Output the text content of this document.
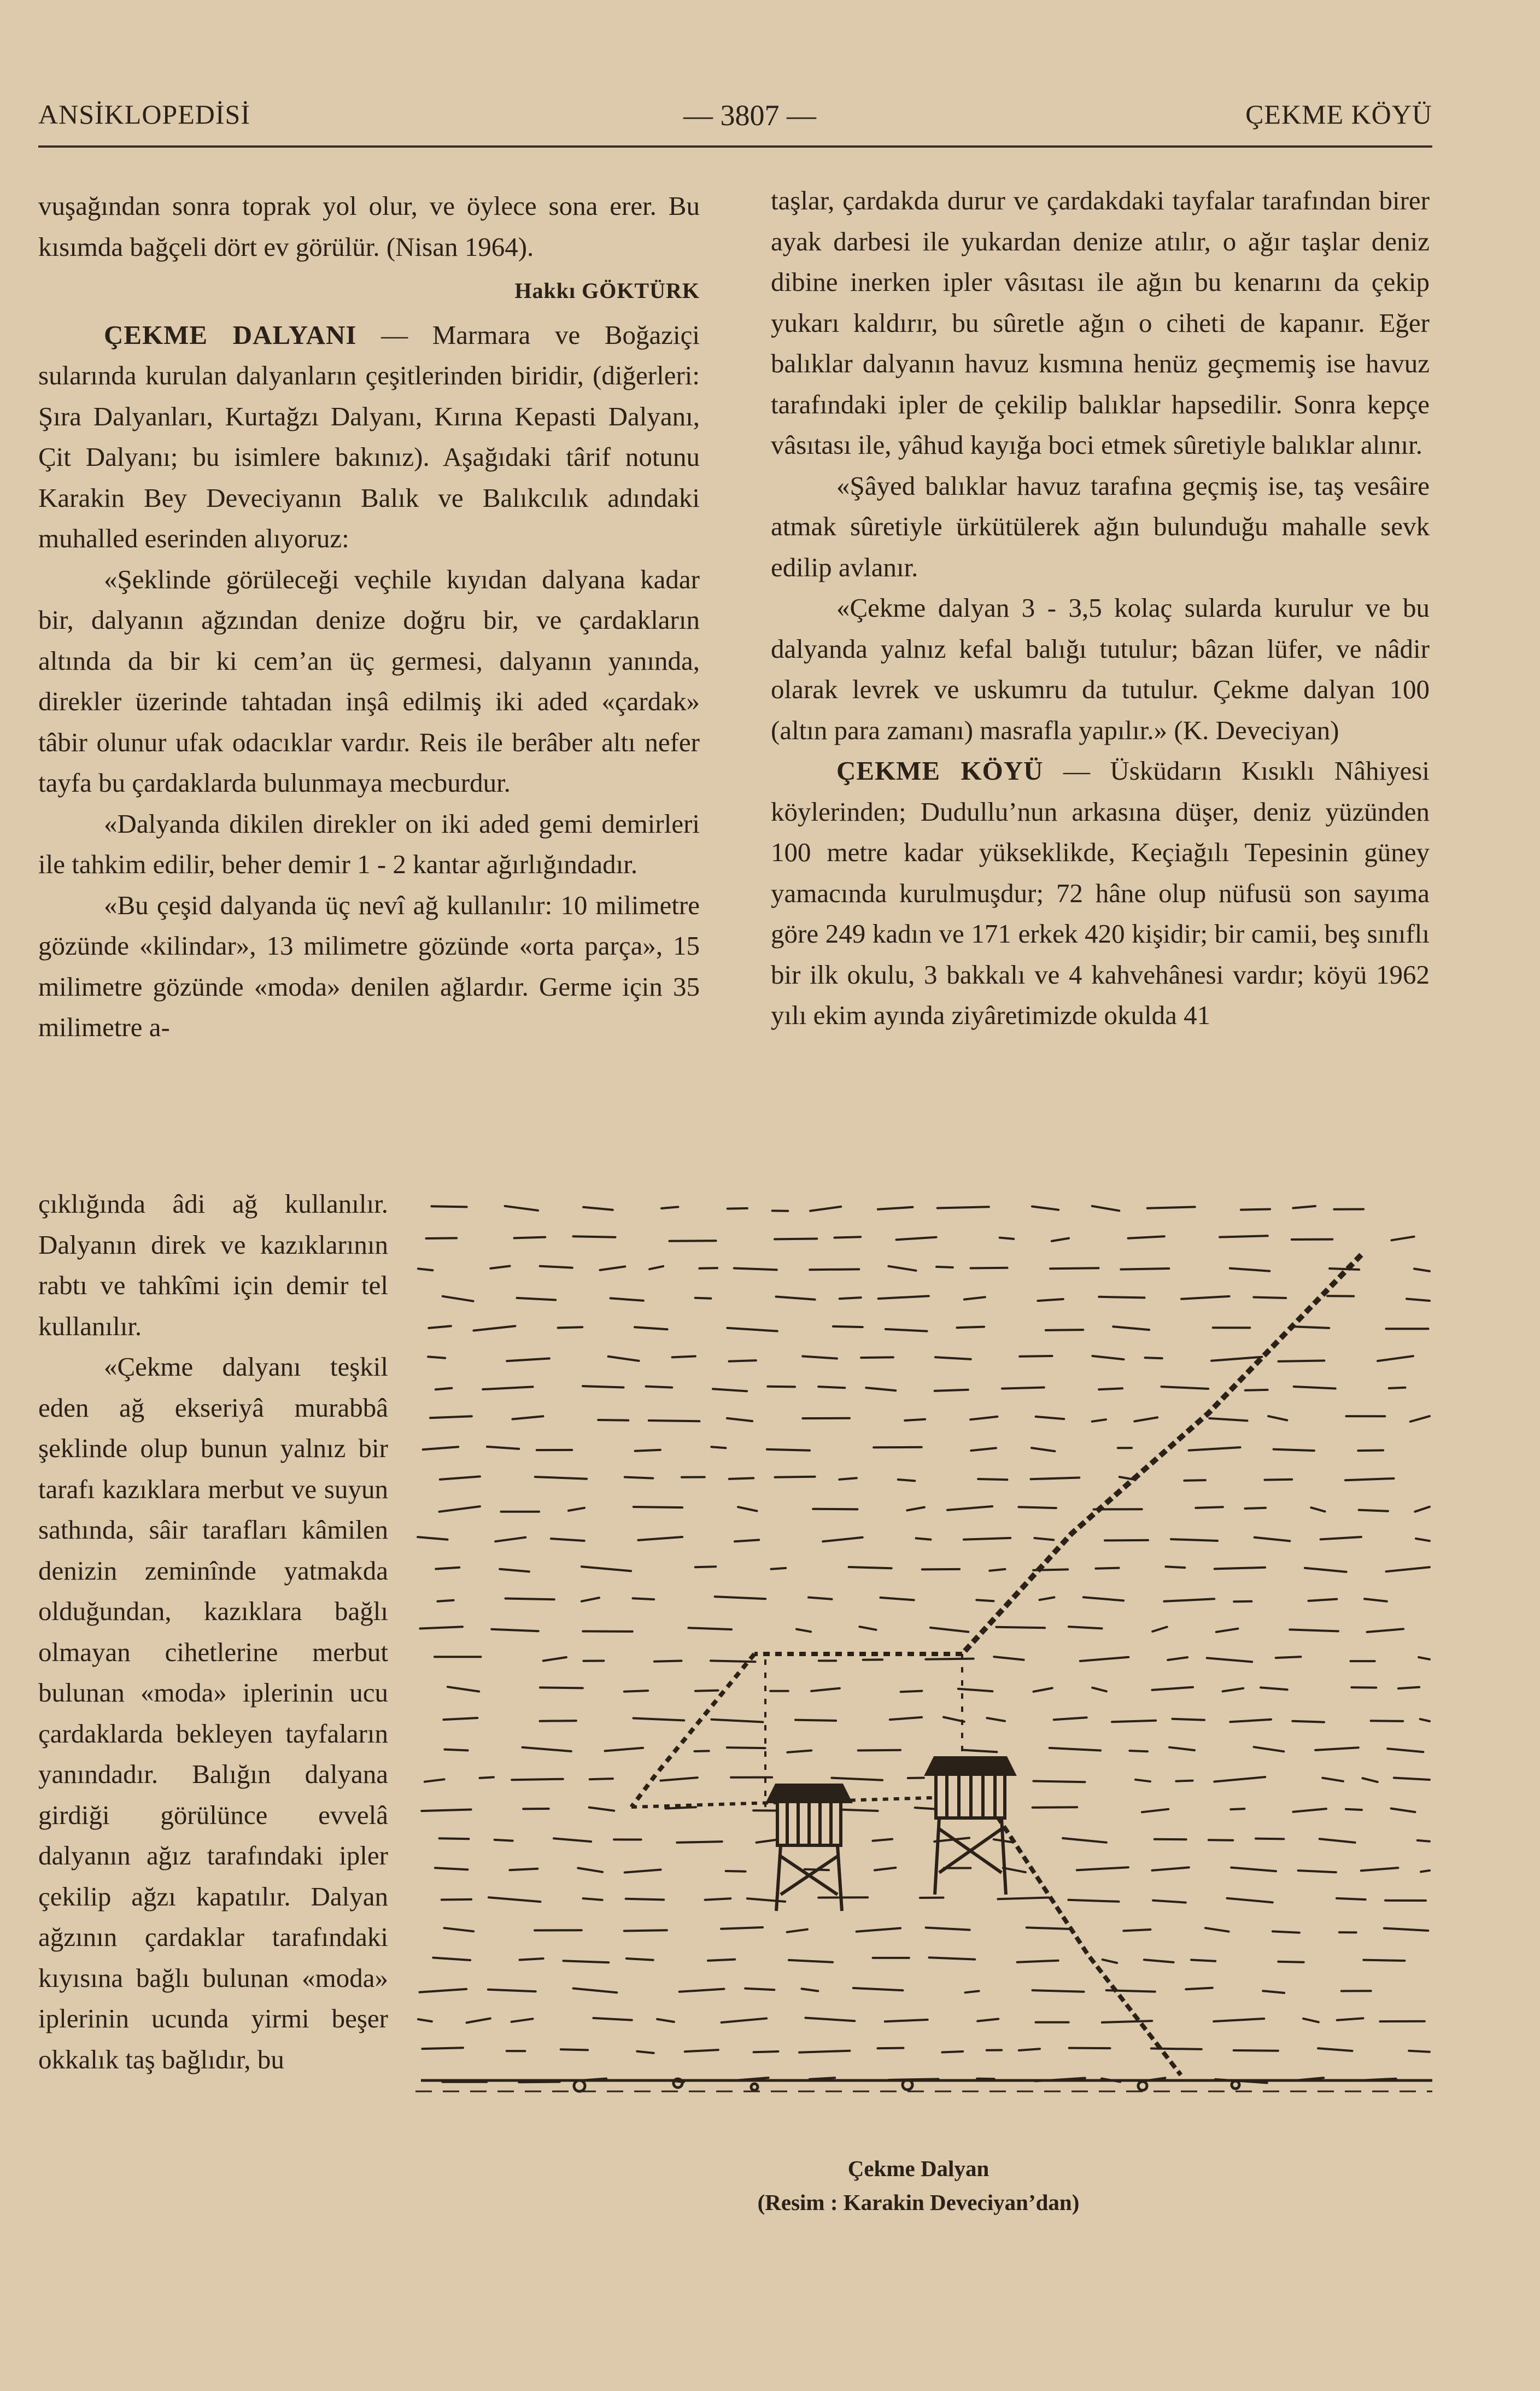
ANSİKLOPEDİSİ	— 3807 —	ÇEKME KÖYÜ

vuşağından sonra toprak yol olur, ve öylece sona erer. Bu kısımda bağçeli dört ev görülür. (Nisan 1964).

Hakkı GÖKTÜRK

ÇEKME DALYANI — Marmara ve Boğaziçi sularında kurulan dalyanların çeşitlerinden biridir, (diğerleri: Şıra Dalyanları, Kurtağzı Dalyanı, Kırına Kepasti Dalyanı, Çit Dalyanı; bu isimlere bakınız). Aşağıdaki târif notunu Karakin Bey Deveciyanın Balık ve Balıkcılık adındaki muhalled eserinden alıyoruz:

«Şeklinde görüleceği veçhile kıyıdan dalyana kadar bir, dalyanın ağzından denize doğru bir, ve çardakların altında da bir ki cem’an üç germesi, dalyanın yanında, direkler üzerinde tahtadan inşâ edilmiş iki aded «çardak» tâbir olunur ufak odacıklar vardır. Reis ile berâber altı nefer tayfa bu çardaklarda bulunmaya mecburdur.

«Dalyanda dikilen direkler on iki aded gemi demirleri ile tahkim edilir, beher demir 1 - 2 kantar ağırlığındadır.

«Bu çeşid dalyanda üç nevî ağ kullanılır: 10 milimetre gözünde «kilindar», 13 milimetre gözünde «orta parça», 15 milimetre gözünde «moda» denilen ağlardır. Germe için 35 milimetre a-

çıklığında âdi ağ kullanılır. Dalyanın direk ve kazıklarının rabtı ve tahkîmi için demir tel kullanılır.

«Çekme dalyanı teşkil eden ağ ekseriyâ murabbâ şeklinde olup bunun yalnız bir tarafı kazıklara merbut ve suyun sathında, sâir tarafları kâmilen denizin zeminînde yatmakda olduğundan, kazıklara bağlı olmayan cihetlerine merbut bulunan «moda» iplerinin ucu çardaklarda bekleyen tayfaların yanındadır. Balığın dalyana girdiği görülünce evvelâ dalyanın ağız tarafındaki ipler çekilip ağzı kapatılır. Dalyan ağzının çardaklar tarafındaki kıyısına bağlı bulunan «moda» iplerinin ucunda yirmi beşer okkalık taş bağlıdır, bu

taşlar, çardakda durur ve çardakdaki tayfalar tarafından birer ayak darbesi ile yukardan denize atılır, o ağır taşlar deniz dibine inerken ipler vâsıtası ile ağın bu kenarını da çekip yukarı kaldırır, bu sûretle ağın o ciheti de kapanır. Eğer balıklar dalyanın havuz kısmına henüz geçmemiş ise havuz tarafındaki ipler de çekilip balıklar hapsedilir. Sonra kepçe vâsıtası ile, yâhud kayığa boci etmek sûretiyle balıklar alınır.

«Şâyed balıklar havuz tarafına geçmiş ise, taş vesâire atmak sûretiyle ürkütülerek ağın bulunduğu mahalle sevk edilip avlanır.

«Çekme dalyan 3 - 3,5 kolaç sularda kurulur ve bu dalyanda yalnız kefal balığı tutulur; bâzan lüfer, ve nâdir olarak levrek ve uskumru da tutulur. Çekme dalyan 100 (altın para zamanı) masrafla yapılır.» (K. Deveciyan)

ÇEKME KÖYÜ — Üsküdarın Kısıklı Nâhiyesi köylerinden; Dudullu’nun arkasına düşer, deniz yüzünden 100 metre kadar yükseklikde, Keçiağılı Tepesinin güney yamacında kurulmuşdur; 72 hâne olup nüfusü son sayıma göre 249 kadın ve 171 erkek 420 kişidir; bir camii, beş sınıflı bir ilk okulu, 3 bakkalı ve 4 kahvehânesi vardır; köyü 1962 yılı ekim ayında ziyâretimizde okulda 41

Çekme Dalyan
(Resim : Karakin Deveciyan’dan)
